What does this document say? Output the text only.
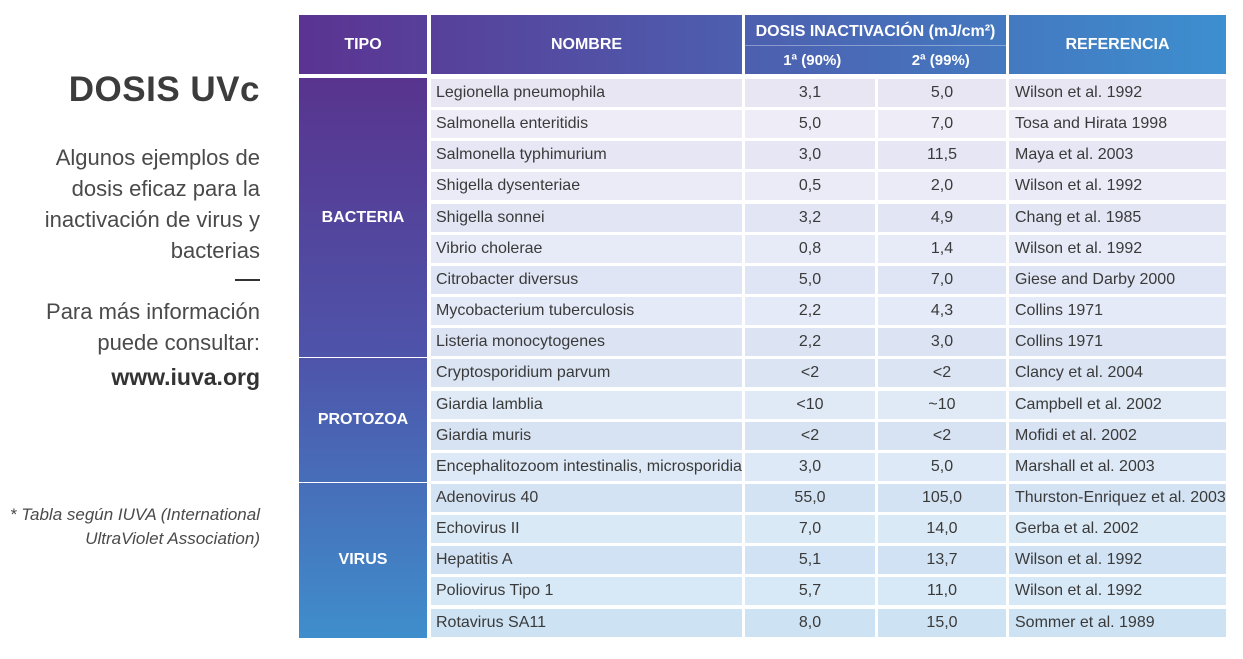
DOSIS UVc
Algunos ejemplos de dosis eficaz para la inactivación de virus y bacterias
Para más información puede consultar:
www.iuva.org
* Tabla según IUVA (International UltraViolet Association)
TIPO	NOMBRE
DOSIS INACTIVACIÓN (mJ/cm²)
1ª (90%)	2ª (99%)
REFERENCIA
Legionella pneumophila	3,1	5,0	Wilson et al. 1992
Salmonella enteritidis	5,0	7,0	Tosa and Hirata 1998
Salmonella typhimurium	3,0	11,5	Maya et al. 2003
Shigella dysenteriae	0,5	2,0	Wilson et al. 1992
Shigella sonnei	3,2	4,9	Chang et al. 1985
Vibrio cholerae	0,8	1,4	Wilson et al. 1992
Citrobacter diversus	5,0	7,0	Giese and Darby 2000
Mycobacterium tuberculosis	2,2	4,3	Collins 1971
Listeria monocytogenes	2,2	3,0	Collins 1971
BACTERIA
Cryptosporidium parvum	<2	<2	Clancy et al. 2004
Giardia lamblia	<10	~10	Campbell et al. 2002
Giardia muris	<2	<2	Mofidi et al. 2002
Encephalitozoom intestinalis, microsporidia	3,0	5,0	Marshall et al. 2003
PROTOZOA
Adenovirus 40	55,0	105,0	Thurston-Enriquez et al. 2003
Echovirus II	7,0	14,0	Gerba et al. 2002
Hepatitis A	5,1	13,7	Wilson et al. 1992
Poliovirus Tipo 1	5,7	11,0	Wilson et al. 1992
Rotavirus SA11	8,0	15,0	Sommer et al. 1989
VIRUS
